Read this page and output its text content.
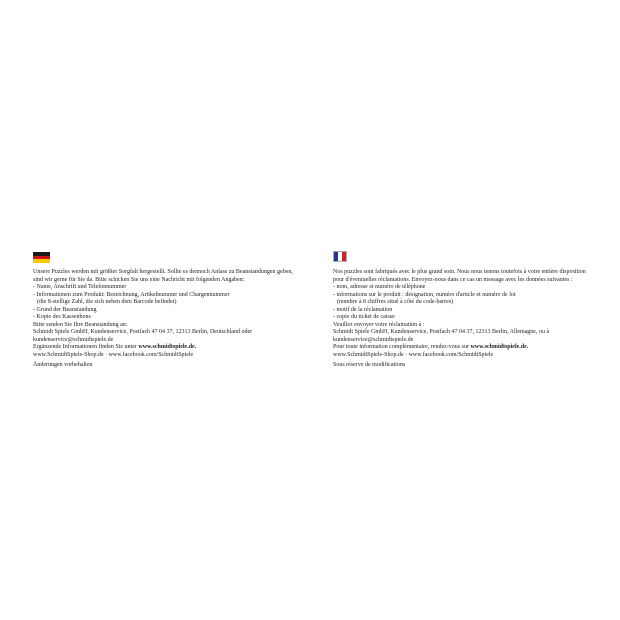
Unsere Puzzles werden mit größter Sorgfalt hergestellt. Sollte es dennoch Anlass zu Beanstandungen geben,
sind wir gerne für Sie da. Bitte schicken Sie uns eine Nachricht mit folgenden Angaben:
- Name, Anschrift und Telefonnummer
- Informationen zum Produkt: Bezeichnung, Artikelnummer und Chargennummer
(die 8-stellige Zahl, die sich neben dem Barcode befindet)
- Grund der Beanstandung
- Kopie des Kassenbons
Bitte senden Sie Ihre Beanstandung an:
Schmidt Spiele GmbH, Kundenservice, Postfach 47 04 37, 12313 Berlin, Deutschland oder
kundenservice@schmidtspiele.de
Ergänzende Informationen finden Sie unter www.schmidtspiele.de.
www.SchmidtSpiele-Shop.de · www.facebook.com/SchmidtSpiele
Änderungen vorbehalten
Nos puzzles sont fabriqués avec le plus grand soin. Nous nous tenons toutefois à votre entière disposition
pour d'éventuelles réclamations. Envoyez-nous dans ce cas un message avec les données suivantes :
- nom, adresse et numéro de téléphone
- informations sur le produit : désignation, numéro d'article et numéro de lot
(nombre à 8 chiffres situé à côté du code-barres)
- motif de la réclamation
- copie du ticket de caisse
Veuillez envoyer votre réclamation à :
Schmidt Spiele GmbH, Kundenservice, Postfach 47 04 37, 12313 Berlin, Allemagne, ou à
kundenservice@schmidtspiele.de
Pour toute information complémentaire, rendez-vous sur www.schmidtspiele.de.
www.SchmidtSpiele-Shop.de · www.facebook.com/SchmidtSpiele
Sous réserve de modifications
